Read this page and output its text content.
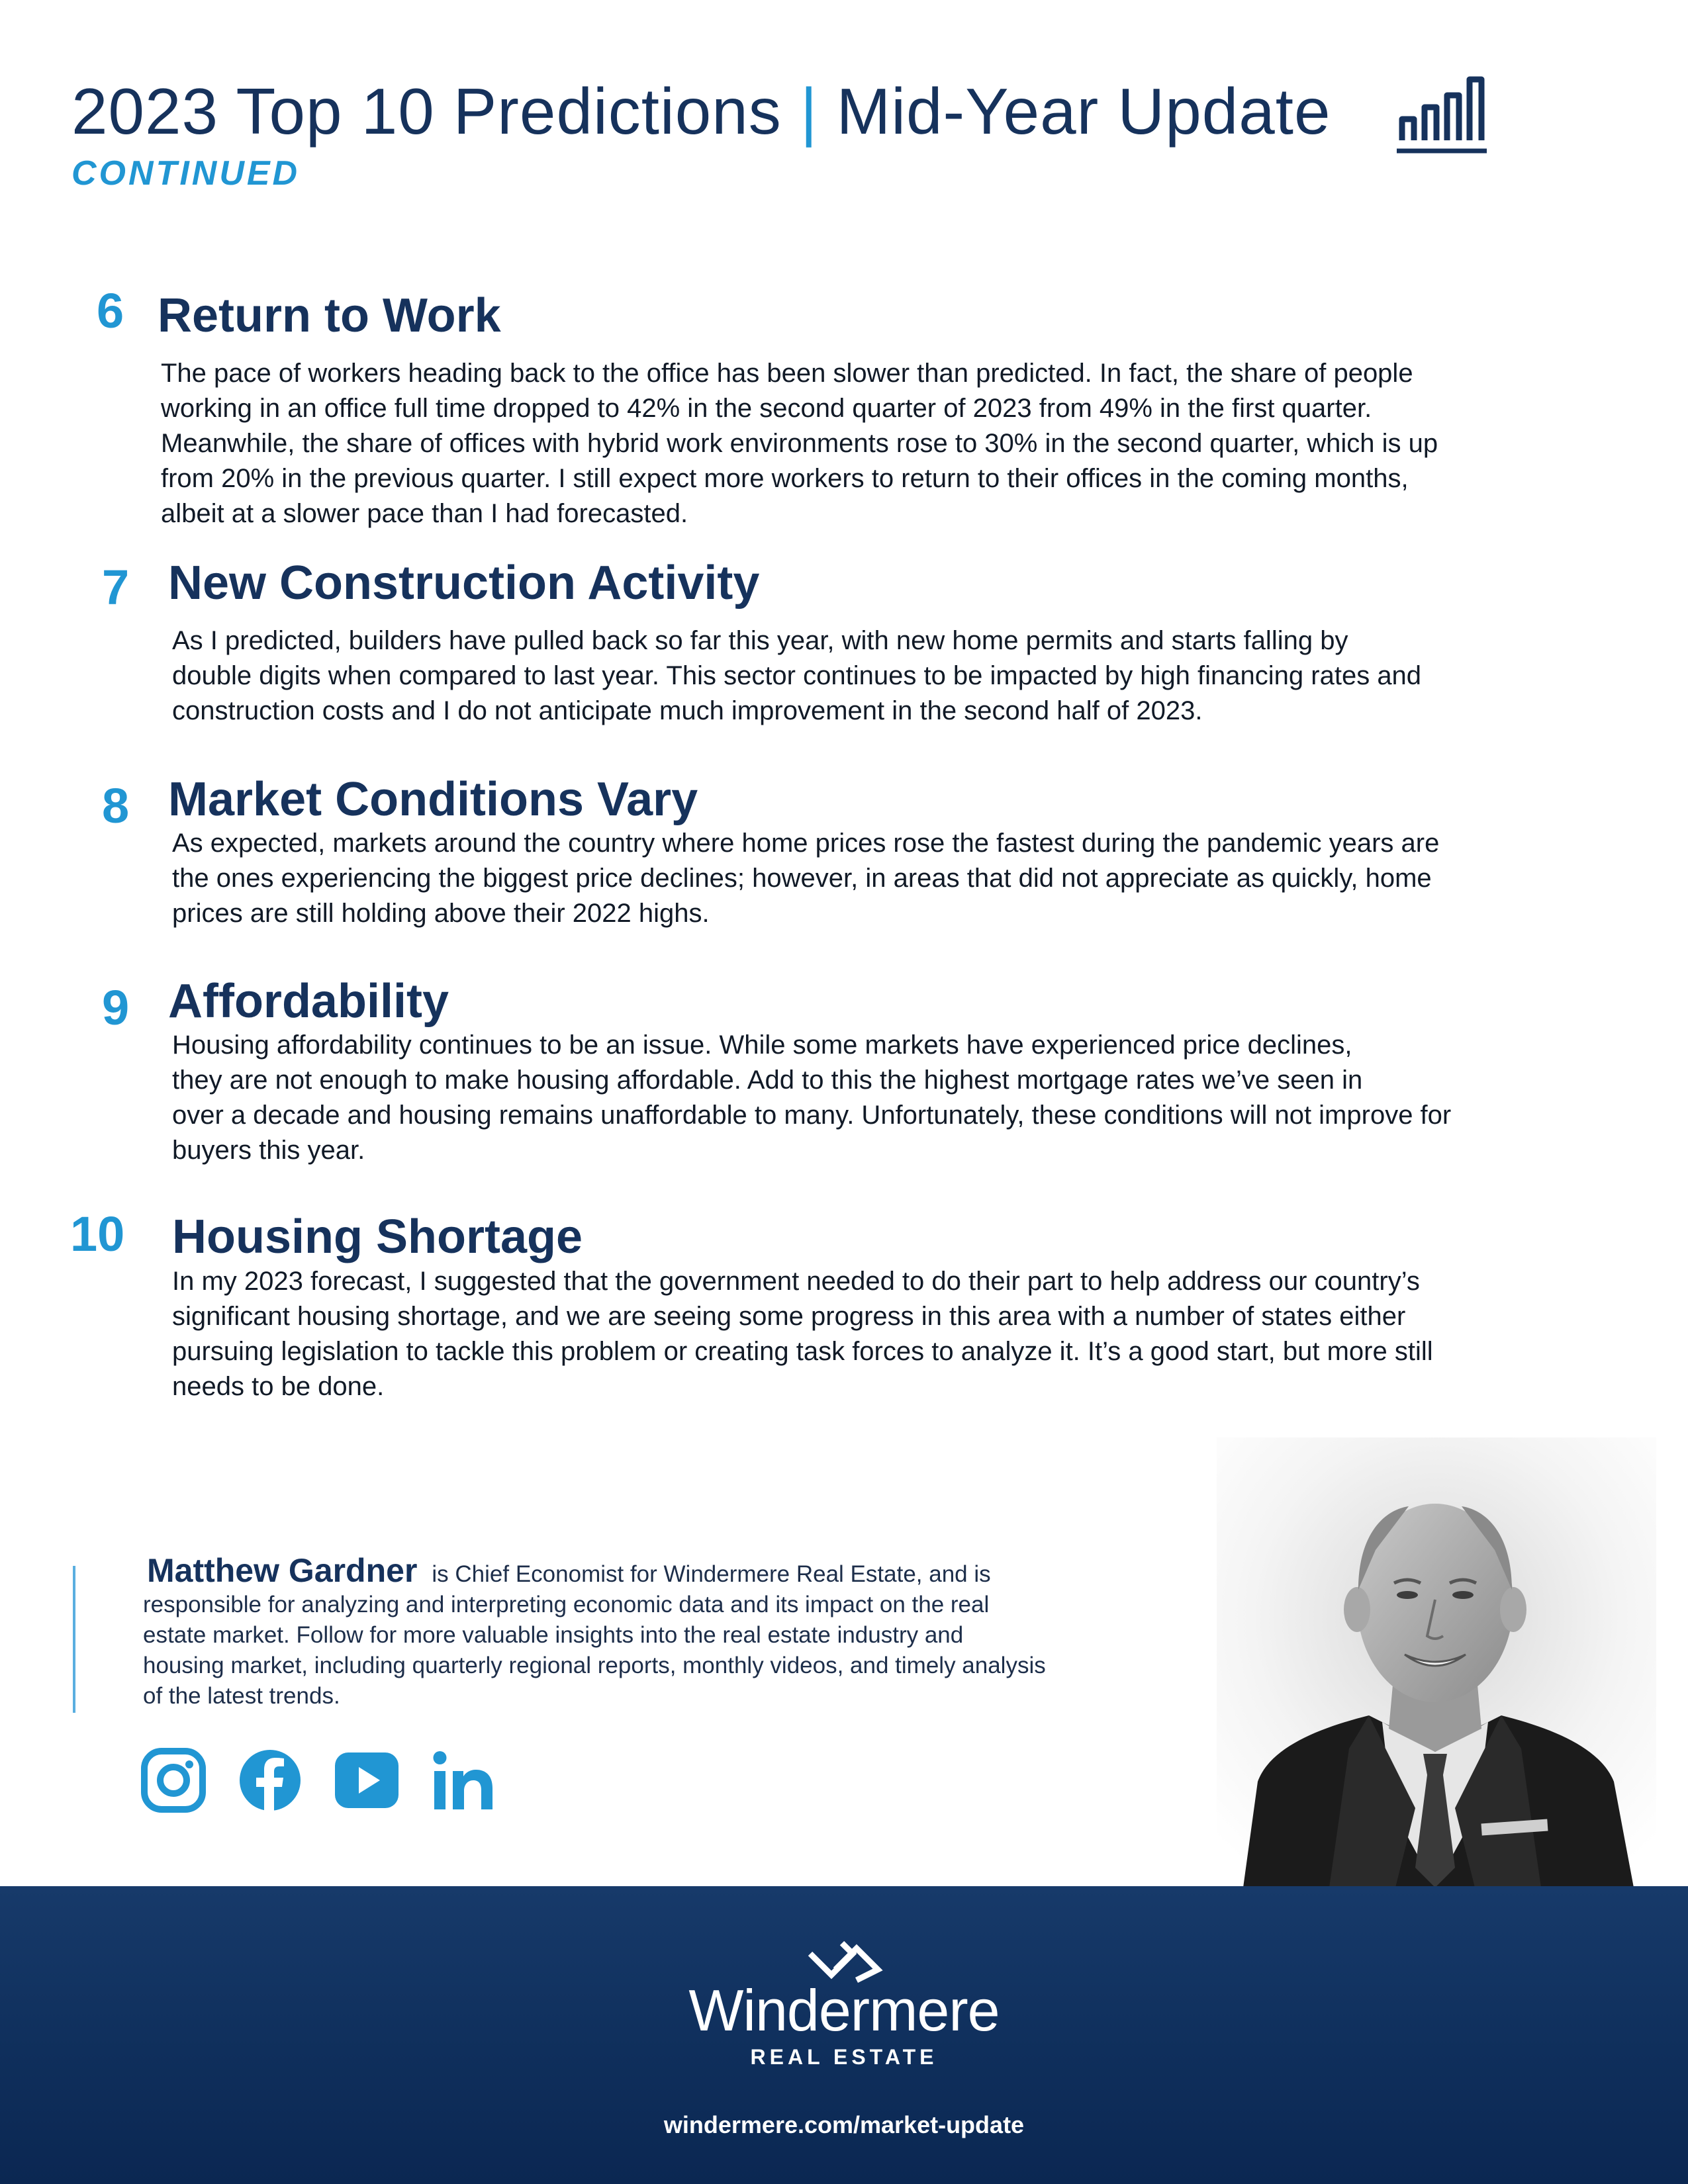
2023 Top 10 Predictions | Mid-Year Update
CONTINUED
6 Return to Work
The pace of workers heading back to the office has been slower than predicted. In fact, the share of people
working in an office full time dropped to 42% in the second quarter of 2023 from 49% in the first quarter.
Meanwhile, the share of offices with hybrid work environments rose to 30% in the second quarter, which is up
from 20% in the previous quarter. I still expect more workers to return to their offices in the coming months,
albeit at a slower pace than I had forecasted.
7 New Construction Activity
As I predicted, builders have pulled back so far this year, with new home permits and starts falling by
double digits when compared to last year. This sector continues to be impacted by high financing rates and
construction costs and I do not anticipate much improvement in the second half of 2023.
8 Market Conditions Vary
As expected, markets around the country where home prices rose the fastest during the pandemic years are
the ones experiencing the biggest price declines; however, in areas that did not appreciate as quickly, home
prices are still holding above their 2022 highs.
9 Affordability
Housing affordability continues to be an issue. While some markets have experienced price declines,
they are not enough to make housing affordable. Add to this the highest mortgage rates we’ve seen in
over a decade and housing remains unaffordable to many. Unfortunately, these conditions will not improve for
buyers this year.
10 Housing Shortage
In my 2023 forecast, I suggested that the government needed to do their part to help address our country’s
significant housing shortage, and we are seeing some progress in this area with a number of states either
pursuing legislation to tackle this problem or creating task forces to analyze it. It’s a good start, but more still
needs to be done.
Matthew Gardner is Chief Economist for Windermere Real Estate, and is
responsible for analyzing and interpreting economic data and its impact on the real
estate market. Follow for more valuable insights into the real estate industry and
housing market, including quarterly regional reports, monthly videos, and timely analysis
of the latest trends.
Windermere
REAL ESTATE
windermere.com/market-update
